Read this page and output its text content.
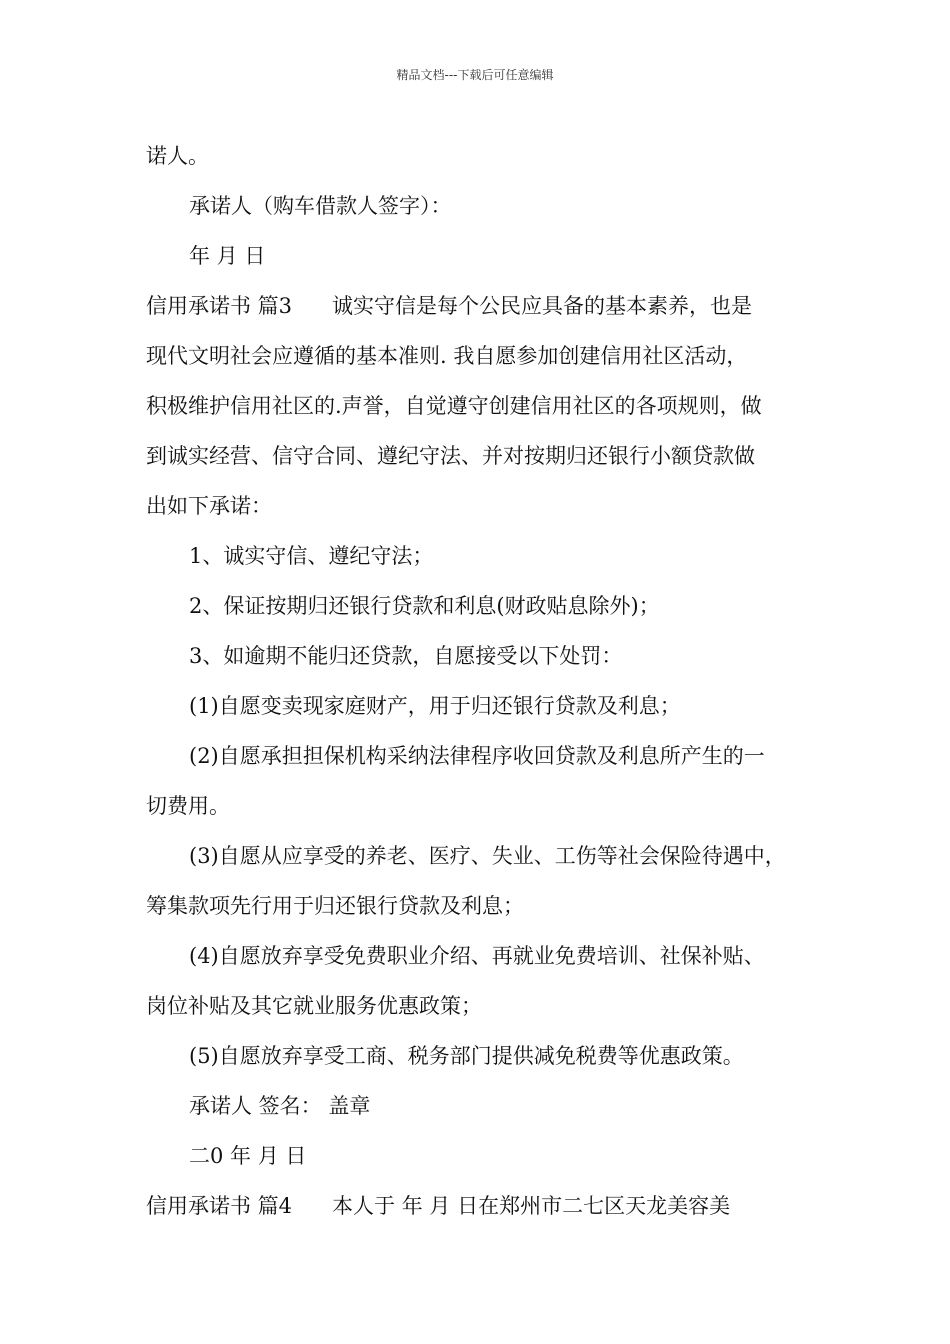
精品文档---下载后可任意编辑
诺人。
承诺人（购车借款人签字）：
年 月 日
信用承诺书 篇3 诚实守信是每个公民应具备的基本素养，也是
现代文明社会应遵循的基本准则. 我自愿参加创建信用社区活动，
积极维护信用社区的.声誉，自觉遵守创建信用社区的各项规则，做
到诚实经营、信守合同、遵纪守法、并对按期归还银行小额贷款做
出如下承诺：
1、诚实守信、遵纪守法；
2、保证按期归还银行贷款和利息(财政贴息除外)；
3、如逾期不能归还贷款，自愿接受以下处罚：
(1)自愿变卖现家庭财产，用于归还银行贷款及利息；
(2)自愿承担担保机构采纳法律程序收回贷款及利息所产生的一
切费用。
(3)自愿从应享受的养老、医疗、失业、工伤等社会保险待遇中，
筹集款项先行用于归还银行贷款及利息；
(4)自愿放弃享受免费职业介绍、再就业免费培训、社保补贴、
岗位补贴及其它就业服务优惠政策；
(5)自愿放弃享受工商、税务部门提供减免税费等优惠政策。
承诺人 签名： 盖章
二0 年 月 日
信用承诺书 篇4 本人于 年 月 日在郑州市二七区天龙美容美
